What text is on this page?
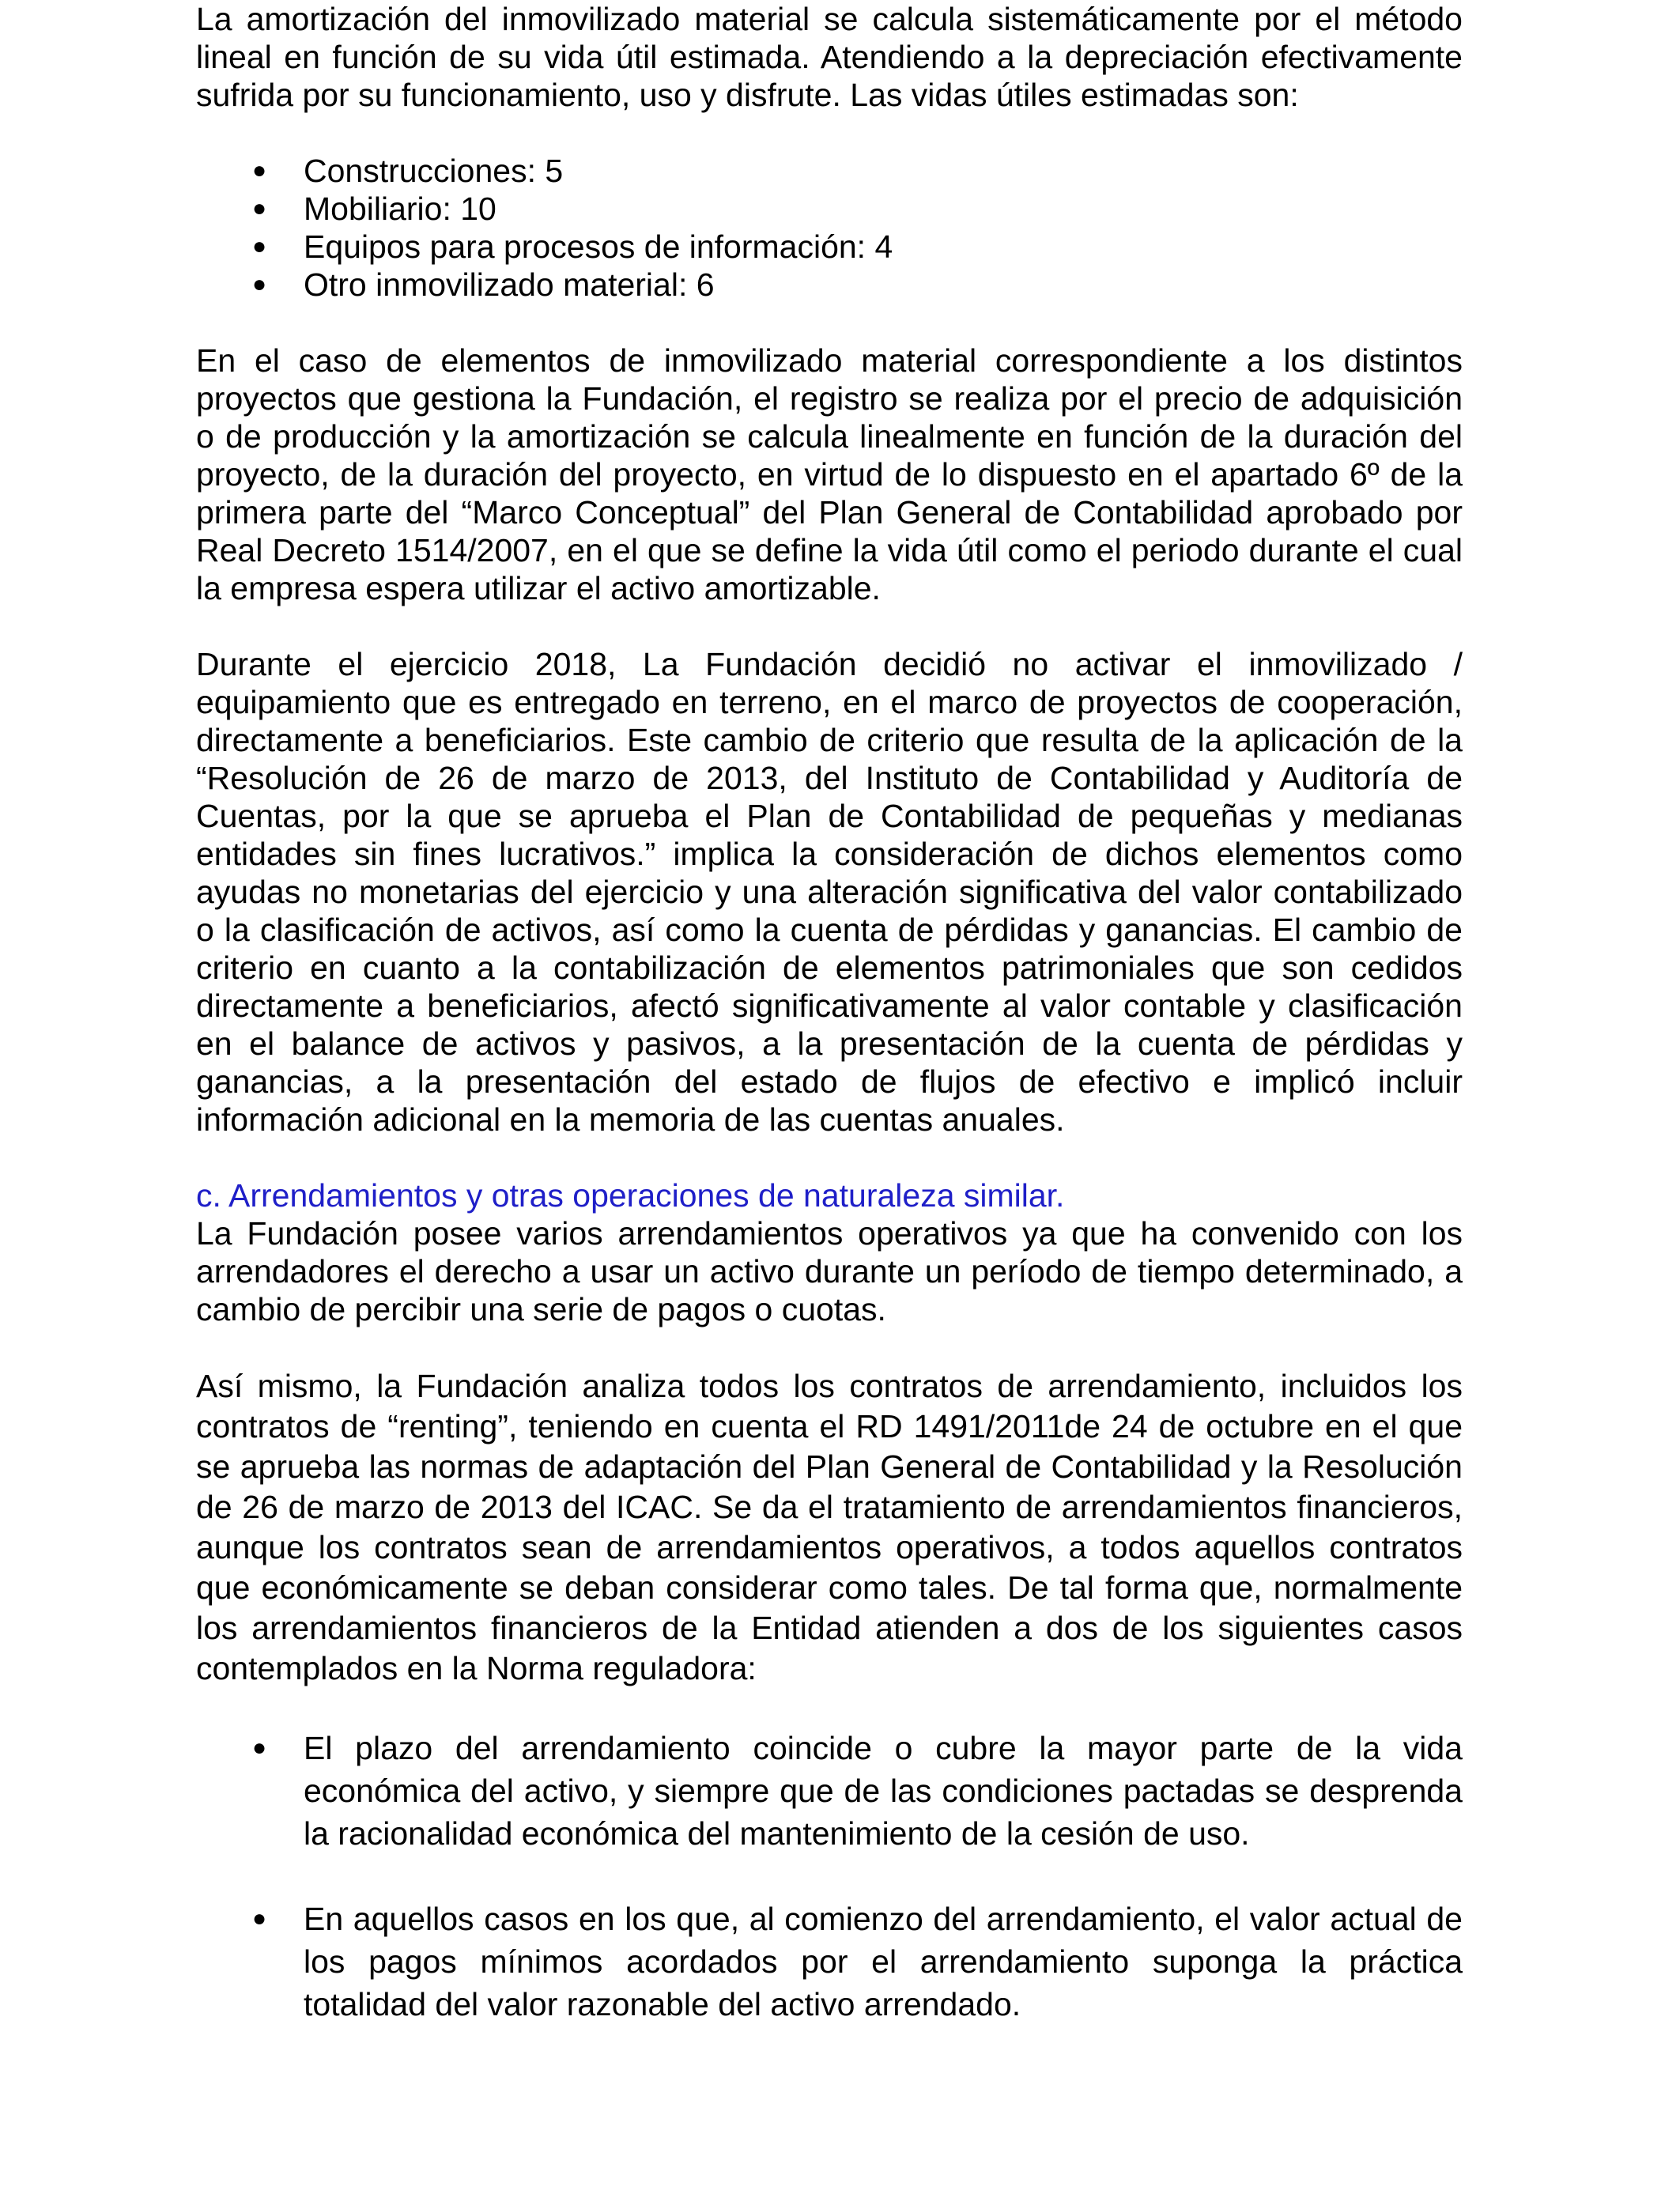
La amortización del inmovilizado material se calcula sistemáticamente por el método lineal en función de su vida útil estimada. Atendiendo a la depreciación efectivamente sufrida por su funcionamiento, uso y disfrute. Las vidas útiles estimadas son:

● Construcciones: 5
● Mobiliario: 10
● Equipos para procesos de información: 4
● Otro inmovilizado material: 6

En el caso de elementos de inmovilizado material correspondiente a los distintos proyectos que gestiona la Fundación, el registro se realiza por el precio de adquisición o de producción y la amortización se calcula linealmente en función de la duración del proyecto, de la duración del proyecto, en virtud de lo dispuesto en el apartado 6º de la primera parte del “Marco Conceptual” del Plan General de Contabilidad aprobado por Real Decreto 1514/2007, en el que se define la vida útil como el periodo durante el cual la empresa espera utilizar el activo amortizable.

Durante el ejercicio 2018, La Fundación decidió no activar el inmovilizado / equipamiento que es entregado en terreno, en el marco de proyectos de cooperación, directamente a beneficiarios. Este cambio de criterio que resulta de la aplicación de la “Resolución de 26 de marzo de 2013, del Instituto de Contabilidad y Auditoría de Cuentas, por la que se aprueba el Plan de Contabilidad de pequeñas y medianas entidades sin fines lucrativos.” implica la consideración de dichos elementos como ayudas no monetarias del ejercicio y una alteración significativa del valor contabilizado o la clasificación de activos, así como la cuenta de pérdidas y ganancias. El cambio de criterio en cuanto a la contabilización de elementos patrimoniales que son cedidos directamente a beneficiarios, afectó significativamente al valor contable y clasificación en el balance de activos y pasivos, a la presentación de la cuenta de pérdidas y ganancias, a la presentación del estado de flujos de efectivo e implicó incluir información adicional en la memoria de las cuentas anuales.

c. Arrendamientos y otras operaciones de naturaleza similar.

La Fundación posee varios arrendamientos operativos ya que ha convenido con los arrendadores el derecho a usar un activo durante un período de tiempo determinado, a cambio de percibir una serie de pagos o cuotas.

Así mismo, la Fundación analiza todos los contratos de arrendamiento, incluidos los contratos de “renting”, teniendo en cuenta el RD 1491/2011de 24 de octubre en el que se aprueba las normas de adaptación del Plan General de Contabilidad y la Resolución de 26 de marzo de 2013 del ICAC. Se da el tratamiento de arrendamientos financieros, aunque los contratos sean de arrendamientos operativos, a todos aquellos contratos que económicamente se deban considerar como tales. De tal forma que, normalmente los arrendamientos financieros de la Entidad atienden a dos de los siguientes casos contemplados en la Norma reguladora:

● El plazo del arrendamiento coincide o cubre la mayor parte de la vida económica del activo, y siempre que de las condiciones pactadas se desprenda la racionalidad económica del mantenimiento de la cesión de uso.
● En aquellos casos en los que, al comienzo del arrendamiento, el valor actual de los pagos mínimos acordados por el arrendamiento suponga la práctica totalidad del valor razonable del activo arrendado.
